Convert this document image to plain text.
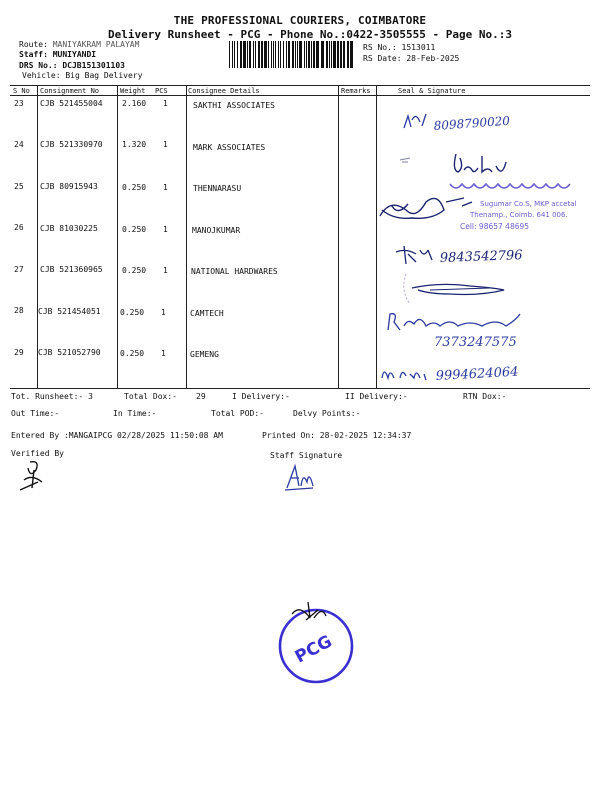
THE PROFESSIONAL COURIERS, COIMBATORE
Delivery Runsheet - PCG - Phone No.:0422-3505555 - Page No.:3
Route: MANIYAKRAM PALAYAM
Staff: MUNIYANDI
DRS No.: DCJB151301103
Vehicle: Big Bag Delivery
RS No.: 1513011
RS Date: 28-Feb-2025
S No Consignment No	Weight PCS	Consignee Details	Remarks	Seal & Signature
23 CJB 521455004 2.160 1	SAKTHI ASSOCIATES
24 CJB 521330970 1.320 1	MARK ASSOCIATES
25 CJB 80915943	0.250 1	THENNARASU
26 CJB 81030225	0.250 1	MANOJKUMAR
27 CJB 521360965 0.250 1	NATIONAL HARDWARES
28 CJB 521454051 0.250 1	CAMTECH
29 CJB 521052790 0.250 1	GEMENG
8098790020
Sugumar Co.S, MKP accetal
Thenamp., Coimb. 641 006.
Cell: 98657 48695
9843542796
7373247575
9994624064
Tot. Runsheet:- 3	Total Dox:- 29	I Delivery:-	II Delivery:-	RTN Dox:-
Out Time:-	In Time:-	Total POD:-	Delvy Points:-
Entered By :MANGAIPCG 02/28/2025 11:50:08 AM	Printed On: 28-02-2025 12:34:37
Verified By	Staff Signature
PCG
